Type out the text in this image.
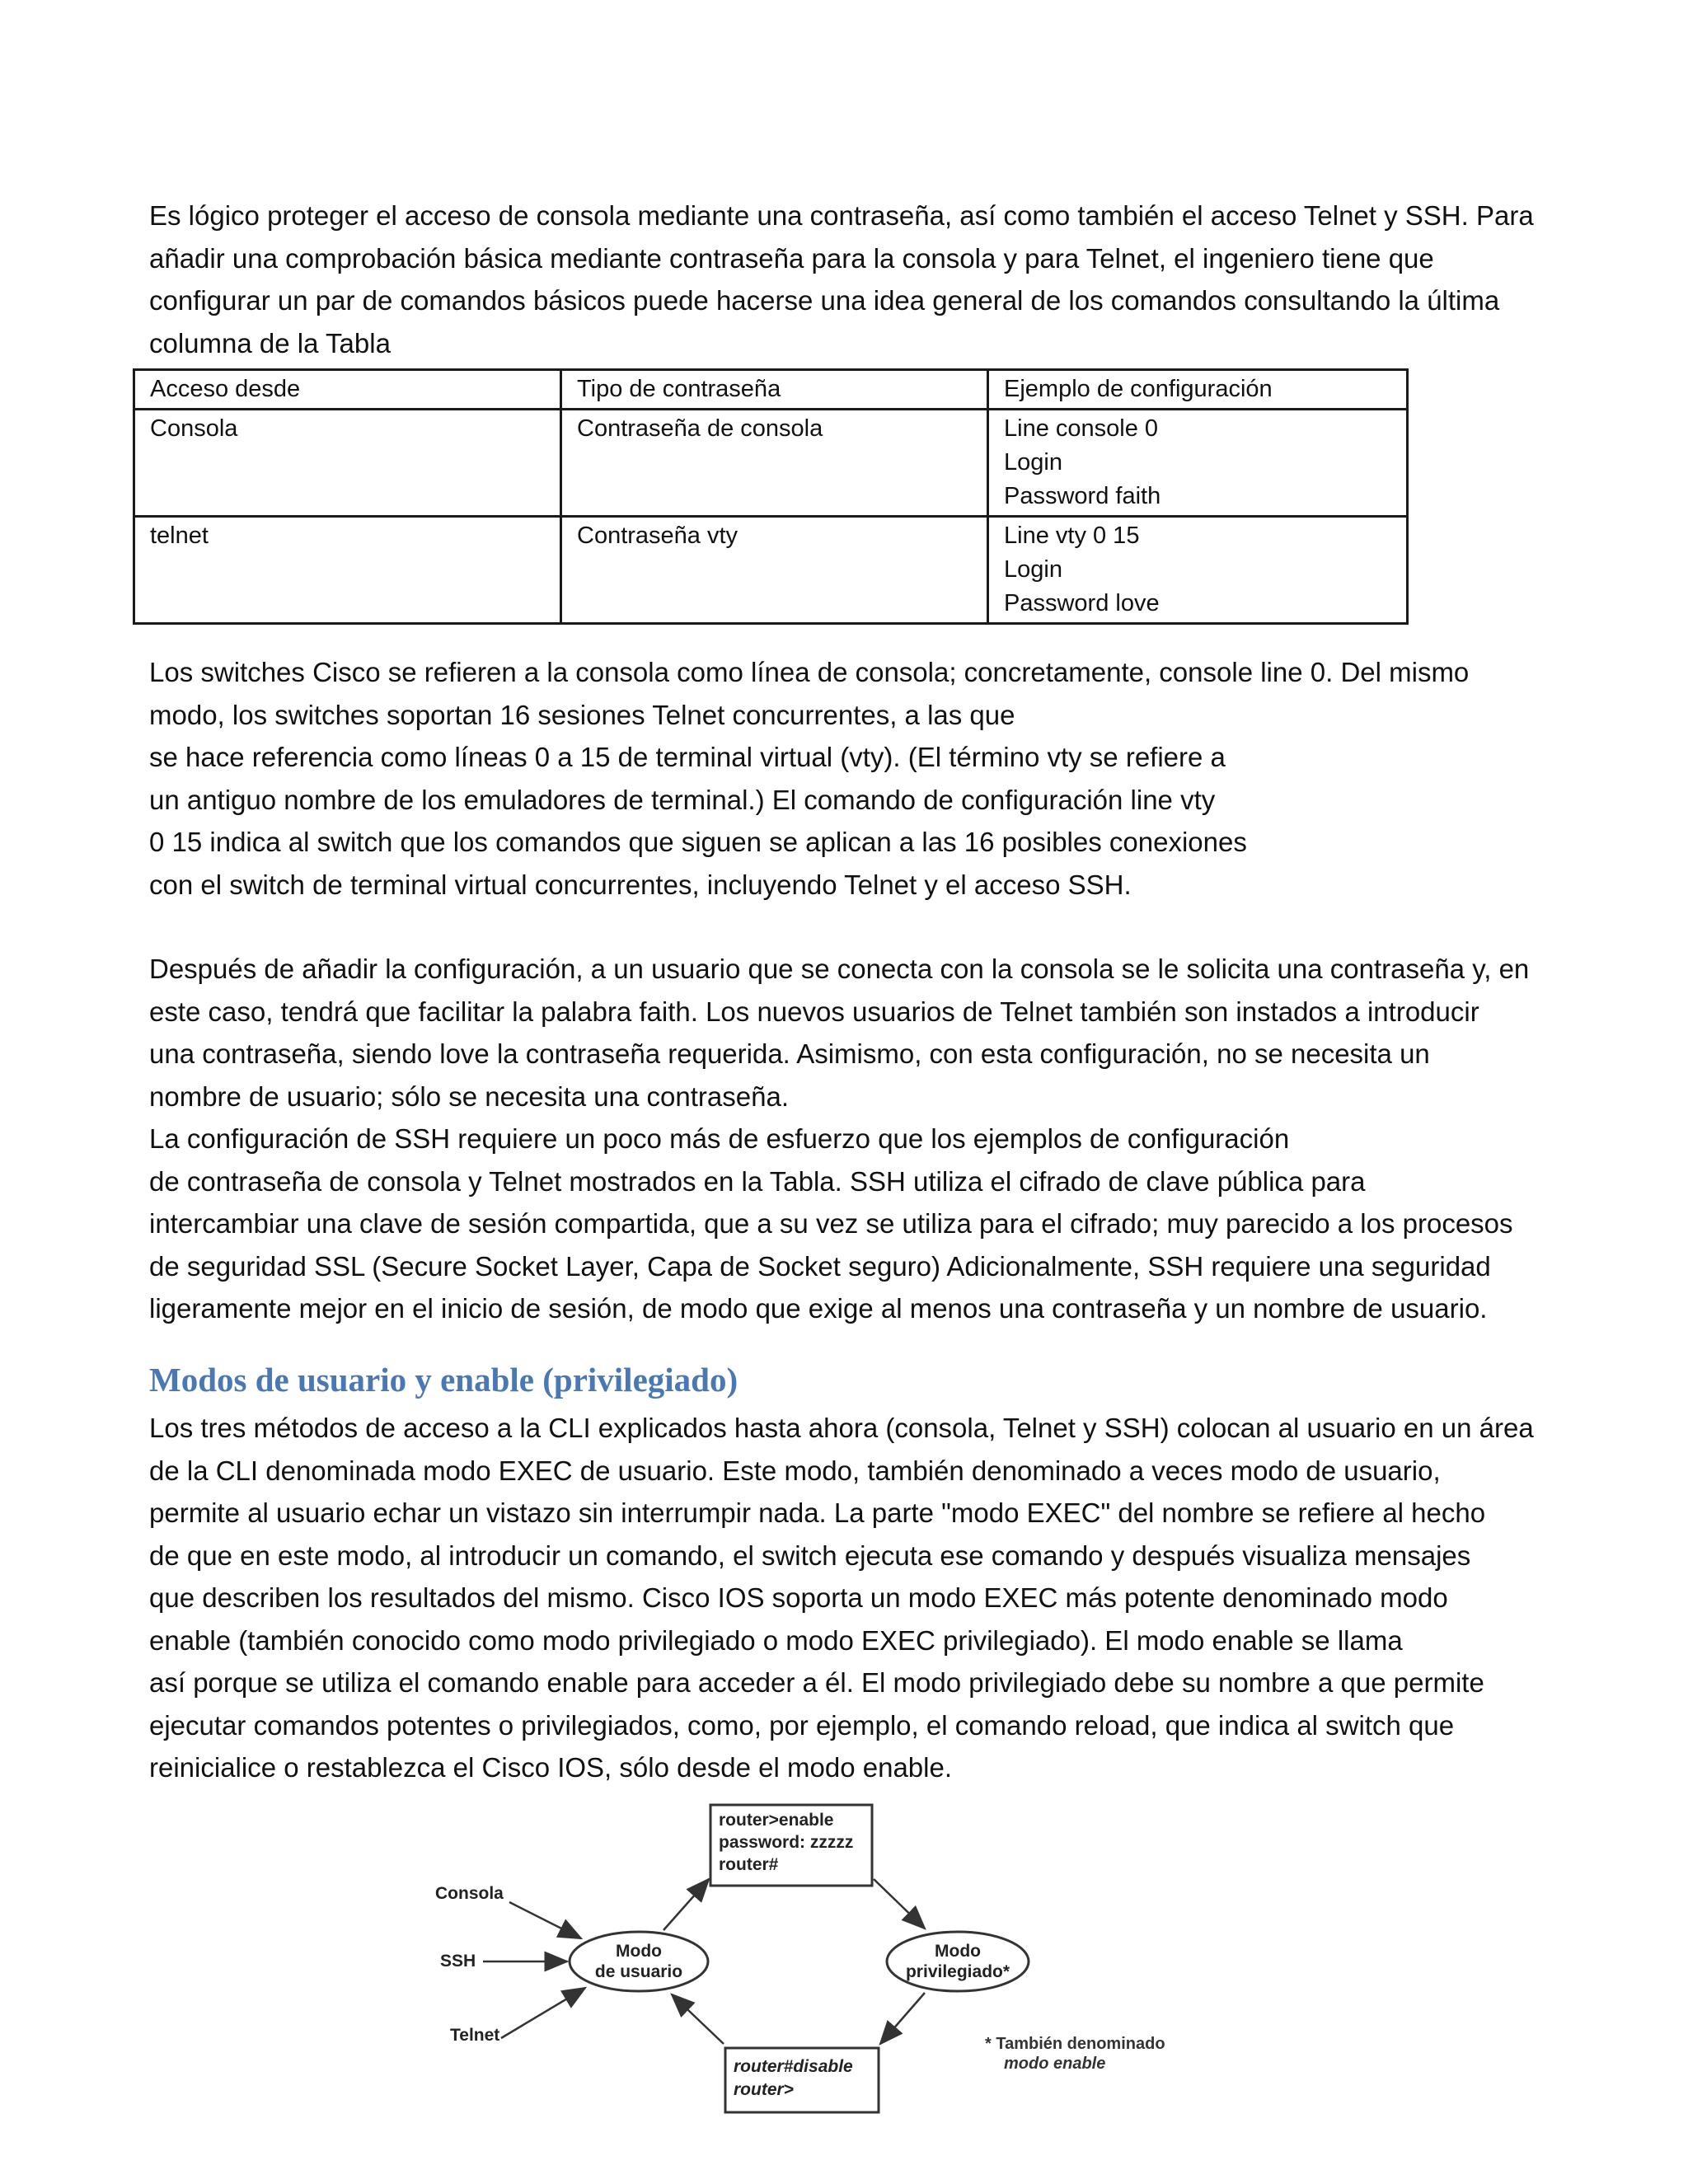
Es lógico proteger el acceso de consola mediante una contraseña, así como también el acceso Telnet y SSH. Para
añadir una comprobación básica mediante contraseña para la consola y para Telnet, el ingeniero tiene que
configurar un par de comandos básicos puede hacerse una idea general de los comandos consultando la última
columna de la Tabla

Acceso desde	Tipo de contraseña	Ejemplo de configuración
Consola	Contraseña de consola	Line console 0
Login
Password faith

telnet	Contraseña vty	Line vty 0 15
Login
Password love

Los switches Cisco se refieren a la consola como línea de consola; concretamente, console line 0. Del mismo
modo, los switches soportan 16 sesiones Telnet concurrentes, a las que
se hace referencia como líneas 0 a 15 de terminal virtual (vty). (El término vty se refiere a
un antiguo nombre de los emuladores de terminal.) El comando de configuración line vty
0 15 indica al switch que los comandos que siguen se aplican a las 16 posibles conexiones
con el switch de terminal virtual concurrentes, incluyendo Telnet y el acceso SSH.

Después de añadir la configuración, a un usuario que se conecta con la consola se le solicita una contraseña y, en
este caso, tendrá que facilitar la palabra faith. Los nuevos usuarios de Telnet también son instados a introducir
una contraseña, siendo love la contraseña requerida. Asimismo, con esta configuración, no se necesita un
nombre de usuario; sólo se necesita una contraseña.
La configuración de SSH requiere un poco más de esfuerzo que los ejemplos de configuración
de contraseña de consola y Telnet mostrados en la Tabla. SSH utiliza el cifrado de clave pública para
intercambiar una clave de sesión compartida, que a su vez se utiliza para el cifrado; muy parecido a los procesos
de seguridad SSL (Secure Socket Layer, Capa de Socket seguro) Adicionalmente, SSH requiere una seguridad
ligeramente mejor en el inicio de sesión, de modo que exige al menos una contraseña y un nombre de usuario.

Modos de usuario y enable (privilegiado)

Los tres métodos de acceso a la CLI explicados hasta ahora (consola, Telnet y SSH) colocan al usuario en un área
de la CLI denominada modo EXEC de usuario. Este modo, también denominado a veces modo de usuario,
permite al usuario echar un vistazo sin interrumpir nada. La parte "modo EXEC" del nombre se refiere al hecho
de que en este modo, al introducir un comando, el switch ejecuta ese comando y después visualiza mensajes
que describen los resultados del mismo. Cisco IOS soporta un modo EXEC más potente denominado modo
enable (también conocido como modo privilegiado o modo EXEC privilegiado). El modo enable se llama
así porque se utiliza el comando enable para acceder a él. El modo privilegiado debe su nombre a que permite
ejecutar comandos potentes o privilegiados, como, por ejemplo, el comando reload, que indica al switch que
reinicialice o restablezca el Cisco IOS, sólo desde el modo enable.

router>enable
password: zzzzz
router#
router#disable
router>
Modo
de usuario
Modo
privilegiado*
Consola
SSH
Telnet	* También denominado
modo enable
